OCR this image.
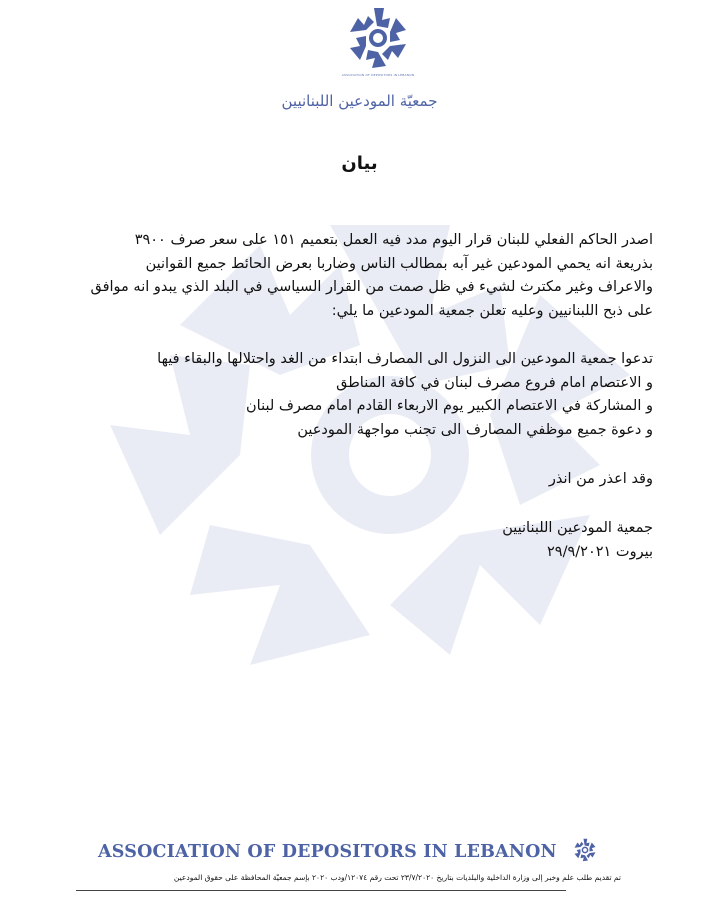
ASSOCIATION OF DEPOSITORS IN LEBANON
جمعيّة المودعين اللبنانيين
بيان
اصدر الحاكم الفعلي للبنان قرار اليوم مدد فيه العمل بتعميم ١٥١ على سعر صرف ٣٩٠٠
بذريعة انه يحمي المودعين غير آبه بمطالب الناس وضاربا بعرض الحائط جميع القوانين
والاعراف وغير مكترث لشيء في ظل صمت من القرار السياسي في البلد الذي يبدو انه موافق
على ذبح اللبنانيين وعليه تعلن جمعية المودعين ما يلي:
تدعوا جمعية المودعين الى النزول الى المصارف ابتداء من الغد واحتلالها والبقاء فيها
و الاعتصام امام فروع مصرف لبنان في كافة المناطق
و المشاركة في الاعتصام الكبير يوم الاربعاء القادم امام مصرف لبنان
و دعوة جميع موظفي المصارف الى تجنب مواجهة المودعين
وقد اعذر من انذر
جمعية المودعين اللبنانيين
بيروت ٢٩/٩/٢٠٢١
ASSOCIATION OF DEPOSITORS IN LEBANON
تم تقديم طلب علم وخبر إلى وزارة الداخلية والبلديات بتاريخ ٢٣/٧/٢٠٢٠ تحت رقم ١٢٠٧٤/ودب ٢٠٢٠ بإسم جمعيّة المحافظة على حقوق المودعين
